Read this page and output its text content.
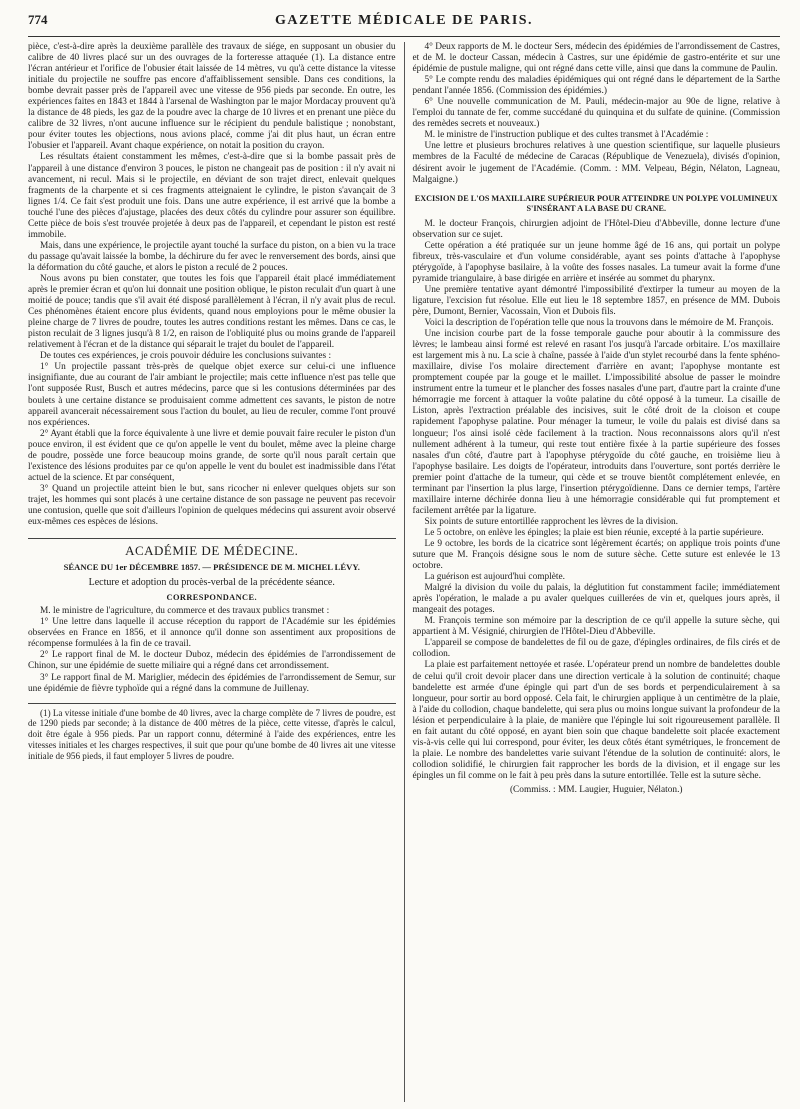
774	GAZETTE MÉDICALE DE PARIS.

pièce, c'est-à-dire après la deuxième parallèle des travaux de siége, en supposant un obusier du calibre de 40 livres placé sur un des ouvrages de la forteresse attaquée (1). La distance entre l'écran antérieur et l'orifice de l'obusier était laissée de 14 mètres, vu qu'à cette distance la vitesse initiale du projectile ne souffre pas encore d'affaiblissement sensible. Dans ces conditions, la bombe devrait passer près de l'appareil avec une vitesse de 956 pieds par seconde. En outre, les expériences faites en 1843 et 1844 à l'arsenal de Washington par le major Mordacay prouvent qu'à la distance de 48 pieds, les gaz de la poudre avec la charge de 10 livres et en prenant une pièce du calibre de 32 livres, n'ont aucune influence sur le récipient du pendule balistique ; nonobstant, pour éviter toutes les objections, nous avions placé, comme j'ai dit plus haut, un écran entre l'obusier et l'appareil. Avant chaque expérience, on notait la position du crayon.

Les résultats étaient constamment les mêmes, c'est-à-dire que si la bombe passait près de l'appareil à une distance d'environ 3 pouces, le piston ne changeait pas de position : il n'y avait ni avancement, ni recul. Mais si le projectile, en déviant de son trajet direct, enlevait quelques fragments de la charpente et si ces fragments atteignaient le cylindre, le piston s'avançait de 3 lignes 1/4. Ce fait s'est produit une fois. Dans une autre expérience, il est arrivé que la bombe a touché l'une des pièces d'ajustage, placées des deux côtés du cylindre pour assurer son équilibre. Cette pièce de bois s'est trouvée projetée à deux pas de l'appareil, et cependant le piston est resté immobile.

Mais, dans une expérience, le projectile ayant touché la surface du piston, on a bien vu la trace du passage qu'avait laissée la bombe, la déchirure du fer avec le renversement des bords, ainsi que la déformation du côté gauche, et alors le piston a reculé de 2 pouces.

Nous avons pu bien constater, que toutes les fois que l'appareil était placé immédiatement après le premier écran et qu'on lui donnait une position oblique, le piston reculait d'un quart à une moitié de pouce; tandis que s'il avait été disposé parallèlement à l'écran, il n'y avait plus de recul. Ces phénomènes étaient encore plus évidents, quand nous employions pour le même obusier la pleine charge de 7 livres de poudre, toutes les autres conditions restant les mêmes. Dans ce cas, le piston reculait de 3 lignes jusqu'à 8 1/2, en raison de l'obliquité plus ou moins grande de l'appareil relativement à l'écran et de la distance qui séparait le trajet du boulet de l'appareil.

De toutes ces expériences, je crois pouvoir déduire les conclusions suivantes :

1° Un projectile passant très-près de quelque objet exerce sur celui-ci une influence insignifiante, due au courant de l'air ambiant le projectile; mais cette influence n'est pas telle que l'ont supposée Rust, Busch et autres médecins, parce que si les contusions déterminées par des boulets à une certaine distance se produisaient comme admettent ces savants, le piston de notre appareil avancerait nécessairement sous l'action du boulet, au lieu de reculer, comme l'ont prouvé nos expériences.

2° Ayant établi que la force équivalente à une livre et demie pouvait faire reculer le piston d'un pouce environ, il est évident que ce qu'on appelle le vent du boulet, même avec la pleine charge de poudre, possède une force beaucoup moins grande, de sorte qu'il nous paraît certain que l'existence des lésions produites par ce qu'on appelle le vent du boulet est inadmissible dans l'état actuel de la science. Et par conséquent,

3° Quand un projectile atteint bien le but, sans ricocher ni enlever quelques objets sur son trajet, les hommes qui sont placés à une certaine distance de son passage ne peuvent pas recevoir une contusion, quelle que soit d'ailleurs l'opinion de quelques médecins qui assurent avoir observé eux-mêmes ces espèces de lésions.

ACADÉMIE DE MÉDECINE.
SÉANCE DU 1er DÉCEMBRE 1857. — PRÉSIDENCE DE M. MICHEL LÉVY.
Lecture et adoption du procès-verbal de la précédente séance.
CORRESPONDANCE.

M. le ministre de l'agriculture, du commerce et des travaux publics transmet :

1° Une lettre dans laquelle il accuse réception du rapport de l'Académie sur les épidémies observées en France en 1856, et il annonce qu'il donne son assentiment aux propositions de récompense formulées à la fin de ce travail.

2° Le rapport final de M. le docteur Duboz, médecin des épidémies de l'arrondissement de Chinon, sur une épidémie de suette miliaire qui a régné dans cet arrondissement.

3° Le rapport final de M. Mariglier, médecin des épidémies de l'arrondissement de Semur, sur une épidémie de fièvre typhoïde qui a régné dans la commune de Juillenay.

(1) La vitesse initiale d'une bombe de 40 livres, avec la charge complète de 7 livres de poudre, est de 1290 pieds par seconde; à la distance de 400 mètres de la pièce, cette vitesse, d'après le calcul, doit être égale à 956 pieds. Par un rapport connu, déterminé à l'aide des expériences, entre les vitesses initiales et les charges respectives, il suit que pour qu'une bombe de 40 livres ait une vitesse initiale de 956 pieds, il faut employer 5 livres de poudre.

4° Deux rapports de M. le docteur Sers, médecin des épidémies de l'arrondissement de Castres, et de M. le docteur Cassan, médecin à Castres, sur une épidémie de gastro-entérite et sur une épidémie de pustule maligne, qui ont régné dans cette ville, ainsi que dans la commune de Paulin.

5° Le compte rendu des maladies épidémiques qui ont régné dans le département de la Sarthe pendant l'année 1856. (Commission des épidémies.)

6° Une nouvelle communication de M. Pauli, médecin-major au 90e de ligne, relative à l'emploi du tannate de fer, comme succédané du quinquina et du sulfate de quinine. (Commission des remèdes secrets et nouveaux.)

M. le ministre de l'instruction publique et des cultes transmet à l'Académie :

Une lettre et plusieurs brochures relatives à une question scientifique, sur laquelle plusieurs membres de la Faculté de médecine de Caracas (République de Venezuela), divisés d'opinion, désirent avoir le jugement de l'Académie. (Comm. : MM. Velpeau, Bégin, Nélaton, Lagneau, Malgaigne.)

EXCISION DE L'OS MAXILLAIRE SUPÉRIEUR POUR ATTEINDRE UN POLYPE VOLUMINEUX S'INSÉRANT A LA BASE DU CRANE.

M. le docteur François, chirurgien adjoint de l'Hôtel-Dieu d'Abbeville, donne lecture d'une observation sur ce sujet.

Cette opération a été pratiquée sur un jeune homme âgé de 16 ans, qui portait un polype fibreux, très-vasculaire et d'un volume considérable, ayant ses points d'attache à l'apophyse ptérygoïde, à l'apophyse basilaire, à la voûte des fosses nasales. La tumeur avait la forme d'une pyramide triangulaire, à base dirigée en arrière et insérée au sommet du pharynx.

Une première tentative ayant démontré l'impossibilité d'extirper la tumeur au moyen de la ligature, l'excision fut résolue. Elle eut lieu le 18 septembre 1857, en présence de MM. Dubois père, Dumont, Bernier, Vacossain, Vion et Dubois fils.

Voici la description de l'opération telle que nous la trouvons dans le mémoire de M. François.

Une incision courbe part de la fosse temporale gauche pour aboutir à la commissure des lèvres; le lambeau ainsi formé est relevé en rasant l'os jusqu'à l'arcade orbitaire. L'os maxillaire est largement mis à nu. La scie à chaîne, passée à l'aide d'un stylet recourbé dans la fente sphéno-maxillaire, divise l'os molaire directement d'arrière en avant; l'apophyse montante est promptement coupée par la gouge et le maillet. L'impossibilité absolue de passer le moindre instrument entre la tumeur et le plancher des fosses nasales d'une part, d'autre part la crainte d'une hémorragie me forcent à attaquer la voûte palatine du côté opposé à la tumeur. La cisaille de Liston, après l'extraction préalable des incisives, suit le côté droit de la cloison et coupe rapidement l'apophyse palatine. Pour ménager la tumeur, le voile du palais est divisé dans sa longueur; l'os ainsi isolé cède facilement à la traction. Nous reconnaissons alors qu'il n'est nullement adhérent à la tumeur, qui reste tout entière fixée à la partie supérieure des fosses nasales d'un côté, d'autre part à l'apophyse ptérygoïde du côté gauche, en troisième lieu à l'apophyse basilaire. Les doigts de l'opérateur, introduits dans l'ouverture, sont portés derrière le premier point d'attache de la tumeur, qui cède et se trouve bientôt complétement enlevée, en terminant par l'insertion la plus large, l'insertion ptérygoïdienne. Dans ce dernier temps, l'artère maxillaire interne déchirée donna lieu à une hémorragie considérable qui fut promptement et facilement arrêtée par la ligature.

Six points de suture entortillée rapprochent les lèvres de la division.

Le 5 octobre, on enlève les épingles; la plaie est bien réunie, excepté à la partie supérieure.

Le 9 octobre, les bords de la cicatrice sont légèrement écartés; on applique trois points d'une suture que M. François désigne sous le nom de suture sèche. Cette suture est enlevée le 13 octobre.

La guérison est aujourd'hui complète.

Malgré la division du voile du palais, la déglutition fut constamment facile; immédiatement après l'opération, le malade a pu avaler quelques cuillerées de vin et, quelques jours après, il mangeait des potages.

M. François termine son mémoire par la description de ce qu'il appelle la suture sèche, qui appartient à M. Vésignié, chirurgien de l'Hôtel-Dieu d'Abbeville.

L'appareil se compose de bandelettes de fil ou de gaze, d'épingles ordinaires, de fils cirés et de collodion.

La plaie est parfaitement nettoyée et rasée. L'opérateur prend un nombre de bandelettes double de celui qu'il croit devoir placer dans une direction verticale à la solution de continuité; chaque bandelette est armée d'une épingle qui part d'un de ses bords et perpendiculairement à sa longueur, pour sortir au bord opposé. Cela fait, le chirurgien applique à un centimètre de la plaie, à l'aide du collodion, chaque bandelette, qui sera plus ou moins longue suivant la profondeur de la lésion et perpendiculaire à la plaie, de manière que l'épingle lui soit rigoureusement parallèle. Il en fait autant du côté opposé, en ayant bien soin que chaque bandelette soit placée exactement vis-à-vis celle qui lui correspond, pour éviter, les deux côtés étant symétriques, le froncement de la plaie. Le nombre des bandelettes varie suivant l'étendue de la solution de continuité: alors, le collodion solidifié, le chirurgien fait rapprocher les bords de la division, et il engage sur les épingles un fil comme on le fait à peu près dans la suture entortillée. Telle est la suture sèche.

(Commiss. : MM. Laugier, Huguier, Nélaton.)
